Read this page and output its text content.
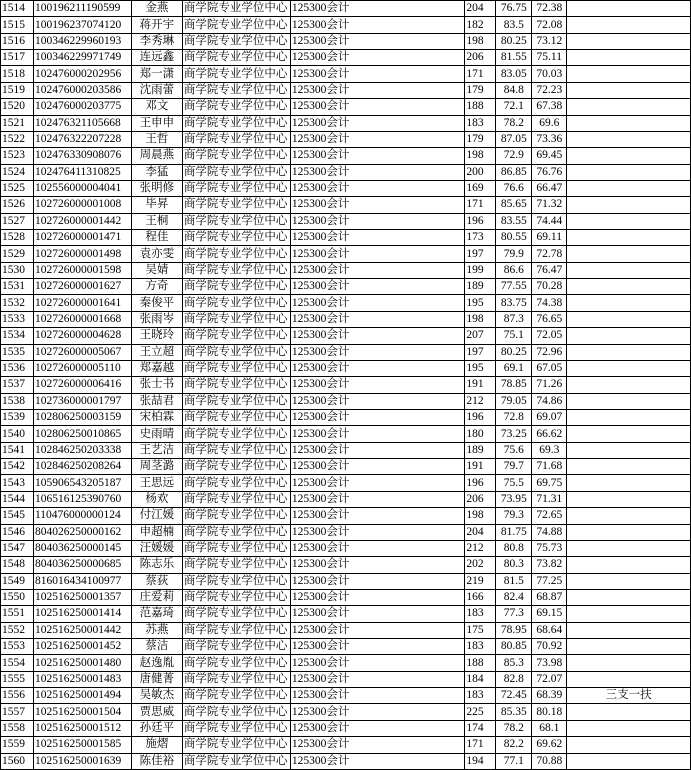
1514	100196211190599	金燕	商学院专业学位中心	125300会计	204	76.75	72.38	
1515	100196237074120	蒋开宇	商学院专业学位中心	125300会计	182	83.5	72.08	
1516	100346229960193	李秀琳	商学院专业学位中心	125300会计	198	80.25	73.12	
1517	100346229971749	连远鑫	商学院专业学位中心	125300会计	206	81.55	75.11	
1518	102476000202956	郑一潇	商学院专业学位中心	125300会计	171	83.05	70.03	
1519	102476000203586	沈雨蕾	商学院专业学位中心	125300会计	179	84.8	72.23	
1520	102476000203775	邓文	商学院专业学位中心	125300会计	188	72.1	67.38	
1521	102476321105668	王申申	商学院专业学位中心	125300会计	183	78.2	69.6	
1522	102476322207228	王哲	商学院专业学位中心	125300会计	179	87.05	73.36	
1523	102476330908076	周晨燕	商学院专业学位中心	125300会计	198	72.9	69.45	
1524	102476411310825	李猛	商学院专业学位中心	125300会计	200	86.85	76.76	
1525	102556000004041	张明修	商学院专业学位中心	125300会计	169	76.6	66.47	
1526	102726000001008	毕昇	商学院专业学位中心	125300会计	171	85.65	71.32	
1527	102726000001442	王桐	商学院专业学位中心	125300会计	196	83.55	74.44	
1528	102726000001471	程佳	商学院专业学位中心	125300会计	173	80.55	69.11	
1529	102726000001498	袁亦雯	商学院专业学位中心	125300会计	197	79.9	72.78	
1530	102726000001598	吴婧	商学院专业学位中心	125300会计	199	86.6	76.47	
1531	102726000001627	方奇	商学院专业学位中心	125300会计	189	77.55	70.28	
1532	102726000001641	秦俊平	商学院专业学位中心	125300会计	195	83.75	74.38	
1533	102726000001668	张雨岑	商学院专业学位中心	125300会计	198	87.3	76.65	
1534	102726000004628	王晓玲	商学院专业学位中心	125300会计	207	75.1	72.05	
1535	102726000005067	王立超	商学院专业学位中心	125300会计	197	80.25	72.96	
1536	102726000005110	郑嘉越	商学院专业学位中心	125300会计	195	69.1	67.05	
1537	102726000006416	张士书	商学院专业学位中心	125300会计	191	78.85	71.26	
1538	102736000001797	张喆君	商学院专业学位中心	125300会计	212	79.05	74.86	
1539	102806250003159	宋柏霖	商学院专业学位中心	125300会计	196	72.8	69.07	
1540	102806250010865	史雨晴	商学院专业学位中心	125300会计	180	73.25	66.62	
1541	102846250203338	王艺洁	商学院专业学位中心	125300会计	189	75.6	69.3	
1542	102846250208264	周茎潞	商学院专业学位中心	125300会计	191	79.7	71.68	
1543	105906543205187	王思远	商学院专业学位中心	125300会计	196	75.5	69.75	
1544	106516125390760	杨欢	商学院专业学位中心	125300会计	206	73.95	71.31	
1545	110476000000124	付江媛	商学院专业学位中心	125300会计	198	79.3	72.65	
1546	804026250000162	申超楠	商学院专业学位中心	125300会计	204	81.75	74.88	
1547	804036250000145	汪媛媛	商学院专业学位中心	125300会计	212	80.8	75.73	
1548	804036250000685	陈志乐	商学院专业学位中心	125300会计	202	80.3	73.82	
1549	816016434100977	蔡荻	商学院专业学位中心	125300会计	219	81.5	77.25	
1550	102516250001357	庄爱莉	商学院专业学位中心	125300会计	166	82.4	68.87	
1551	102516250001414	范嘉琦	商学院专业学位中心	125300会计	183	77.3	69.15	
1552	102516250001442	苏燕	商学院专业学位中心	125300会计	175	78.95	68.64	
1553	102516250001452	蔡洁	商学院专业学位中心	125300会计	183	80.85	70.92	
1554	102516250001480	赵逸胤	商学院专业学位中心	125300会计	188	85.3	73.98	
1555	102516250001483	唐健菁	商学院专业学位中心	125300会计	184	82.8	72.07	
1556	102516250001494	吴敏杰	商学院专业学位中心	125300会计	183	72.45	68.39	三支一扶
1557	102516250001504	贾思威	商学院专业学位中心	125300会计	225	85.35	80.18	
1558	102516250001512	孙廷平	商学院专业学位中心	125300会计	174	78.2	68.1	
1559	102516250001585	施熠	商学院专业学位中心	125300会计	171	82.2	69.62	
1560	102516250001639	陈佳裕	商学院专业学位中心	125300会计	194	77.1	70.88	
